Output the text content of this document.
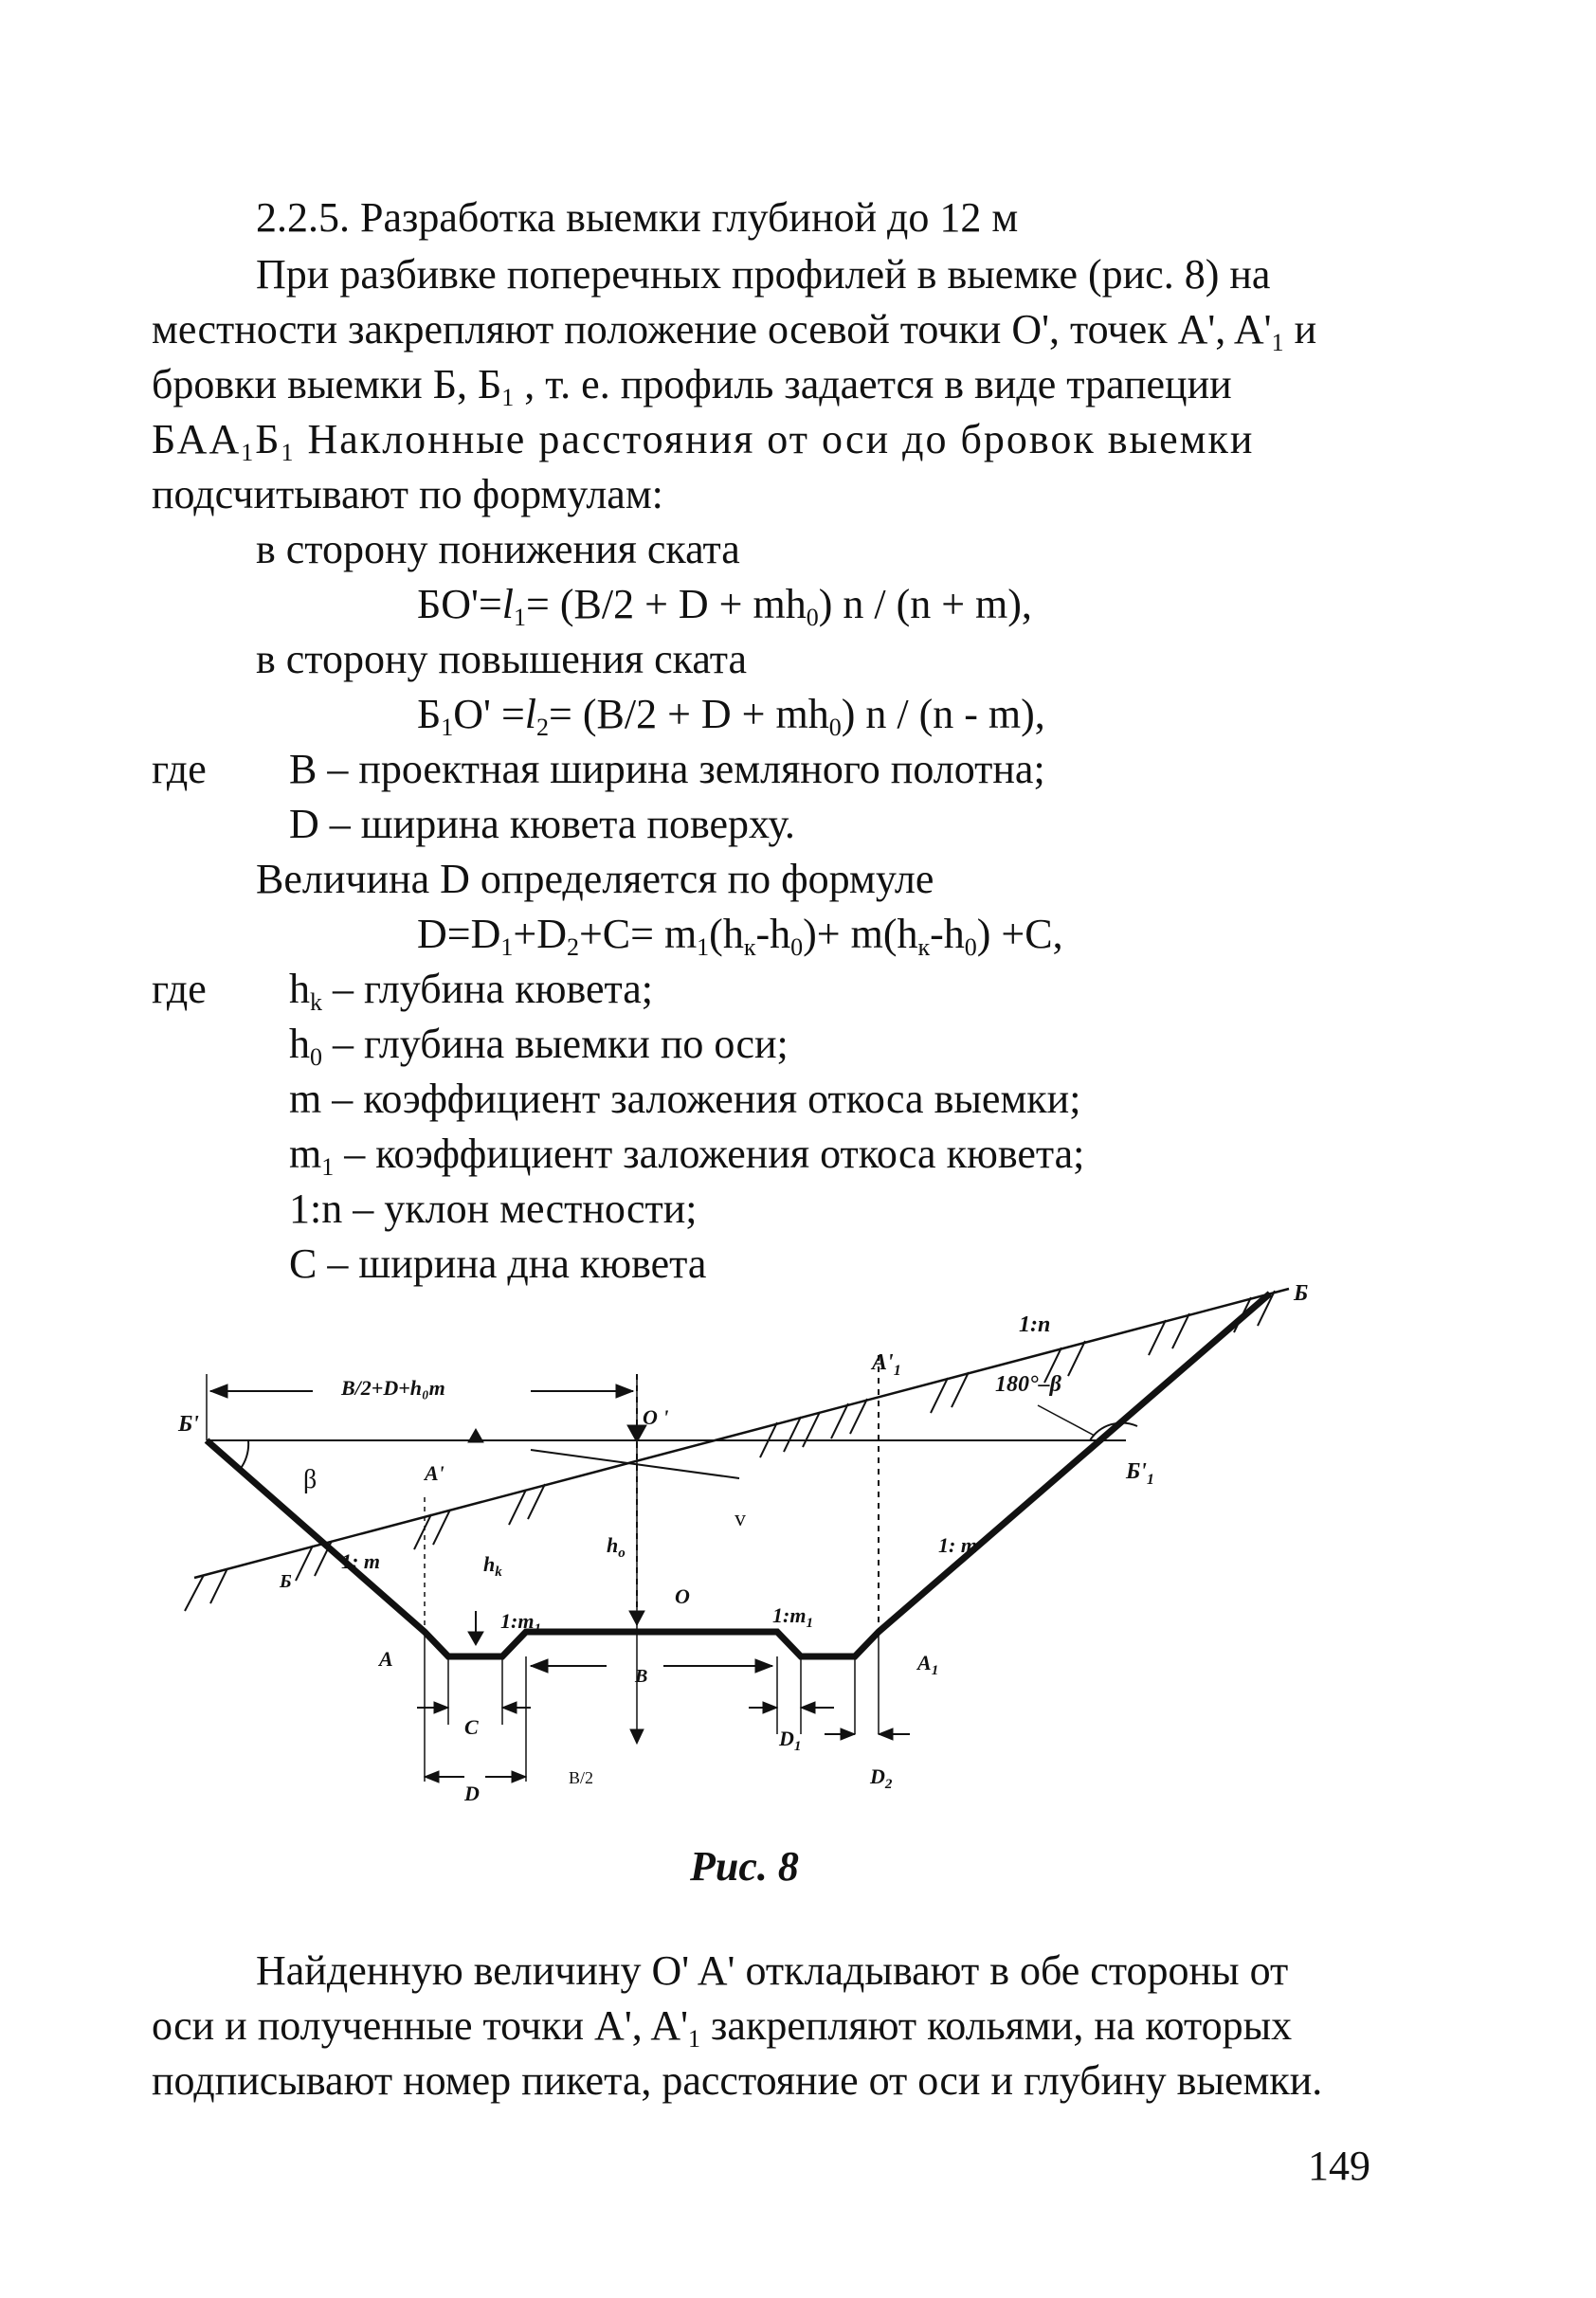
2.2.5. Разработка выемки глубиной до 12 м
При разбивке поперечных профилей в выемке (рис. 8) на
местности закрепляют положение осевой точки O', точек A', $A'_1$ и
бровки выемки Б, $Б_1$ , т. е. профиль задается в виде трапеции
$БАА_1Б_1$ Наклонные расстояния от оси до бровок выемки
подсчитывают по формулам:
в сторону понижения ската
$БO'=l_1= (B/2 + D + mh_0)$ n / (n + m),
в сторону повышения ската
$Б_1O' =l_2= (B/2 + D + mh_0)$ n / (n - m),
где B – проектная ширина земляного полотна;
D – ширина кювета поверху.
Величина D определяется по формуле
$D=D_1+D_2+C= m_1(h_к-h_0)+ m(h_к-h_0) +C$,
где $h_k$ – глубина кювета;
$h_0$ – глубина выемки по оси;
m – коэффициент заложения откоса выемки;
$m_1$ – коэффициент заложения откоса кювета;
1:n – уклон местности;
C – ширина дна кювета
Б
1:n
$A'_1$
180°–β
B/2+D+h₀m
O '
Б'
β	A'	$Б'_1$
v
1: m	$h_k$
$h_o$	1: m
Б
O
$1:m_1$
$1:m_1$
A
B
$A_1$
C	$D_1$
D
B/2	$D_2$
Рис. 8
Найденную величину O' A' откладывают в обе стороны от
оси и полученные точки A', $A'_1$ закрепляют кольями, на которых
подписывают номер пикета, расстояние от оси и глубину выемки.
149
